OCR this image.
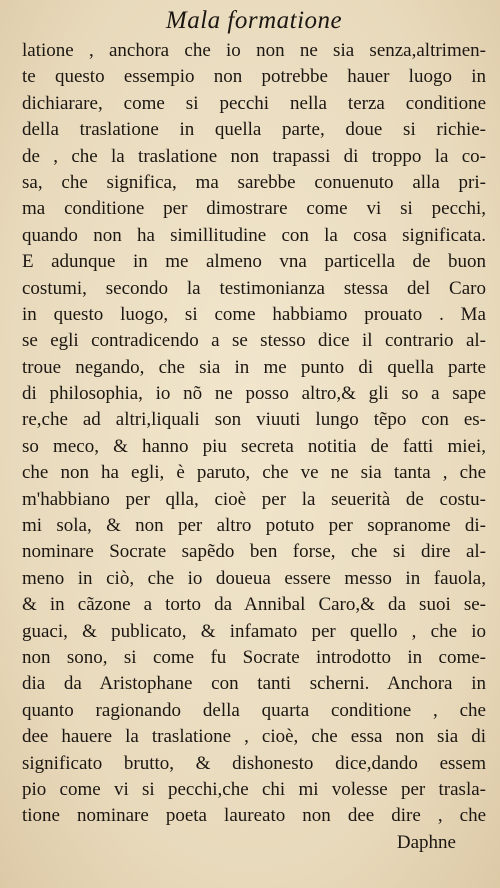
Mala formatione
latione , anchora che io non ne sia senza,altrimen-
te questo essempio non potrebbe hauer luogo in
dichiarare, come si pecchi nella terza conditione
della traslatione in quella parte, doue si richie-
de , che la traslatione non trapassi di troppo la co-
sa, che significa, ma sarebbe conuenuto alla pri-
ma conditione per dimostrare come vi si pecchi,
quando non ha simillitudine con la cosa significata.
E adunque in me almeno vna particella de buon
costumi, secondo la testimonianza stessa del Caro
in questo luogo, si come habbiamo prouato . Ma
se egli contradicendo a se stesso dice il contrario al-
troue negando, che sia in me punto di quella parte
di philosophia, io nõ ne posso altro,& gli so a sape
re,che ad altri,liquali son viuuti lungo tẽpo con es-
so meco, & hanno piu secreta notitia de fatti miei,
che non ha egli, è paruto, che ve ne sia tanta , che
m'habbiano per qlla, cioè per la seuerità de costu-
mi sola, & non per altro potuto per sopranome di-
nominare Socrate sapẽdo ben forse, che si dire al-
meno in ciò, che io doueua essere messo in fauola,
& in cãzone a torto da Annibal Caro,& da suoi se-
guaci, & publicato, & infamato per quello , che io
non sono, si come fu Socrate introdotto in come-
dia da Aristophane con tanti scherni. Anchora in
quanto ragionando della quarta conditione , che
dee hauere la traslatione , cioè, che essa non sia di
significato brutto, & dishonesto dice,dando essem
pio come vi si pecchi,che chi mi volesse per trasla-
tione nominare poeta laureato non dee dire , che
Daphne
